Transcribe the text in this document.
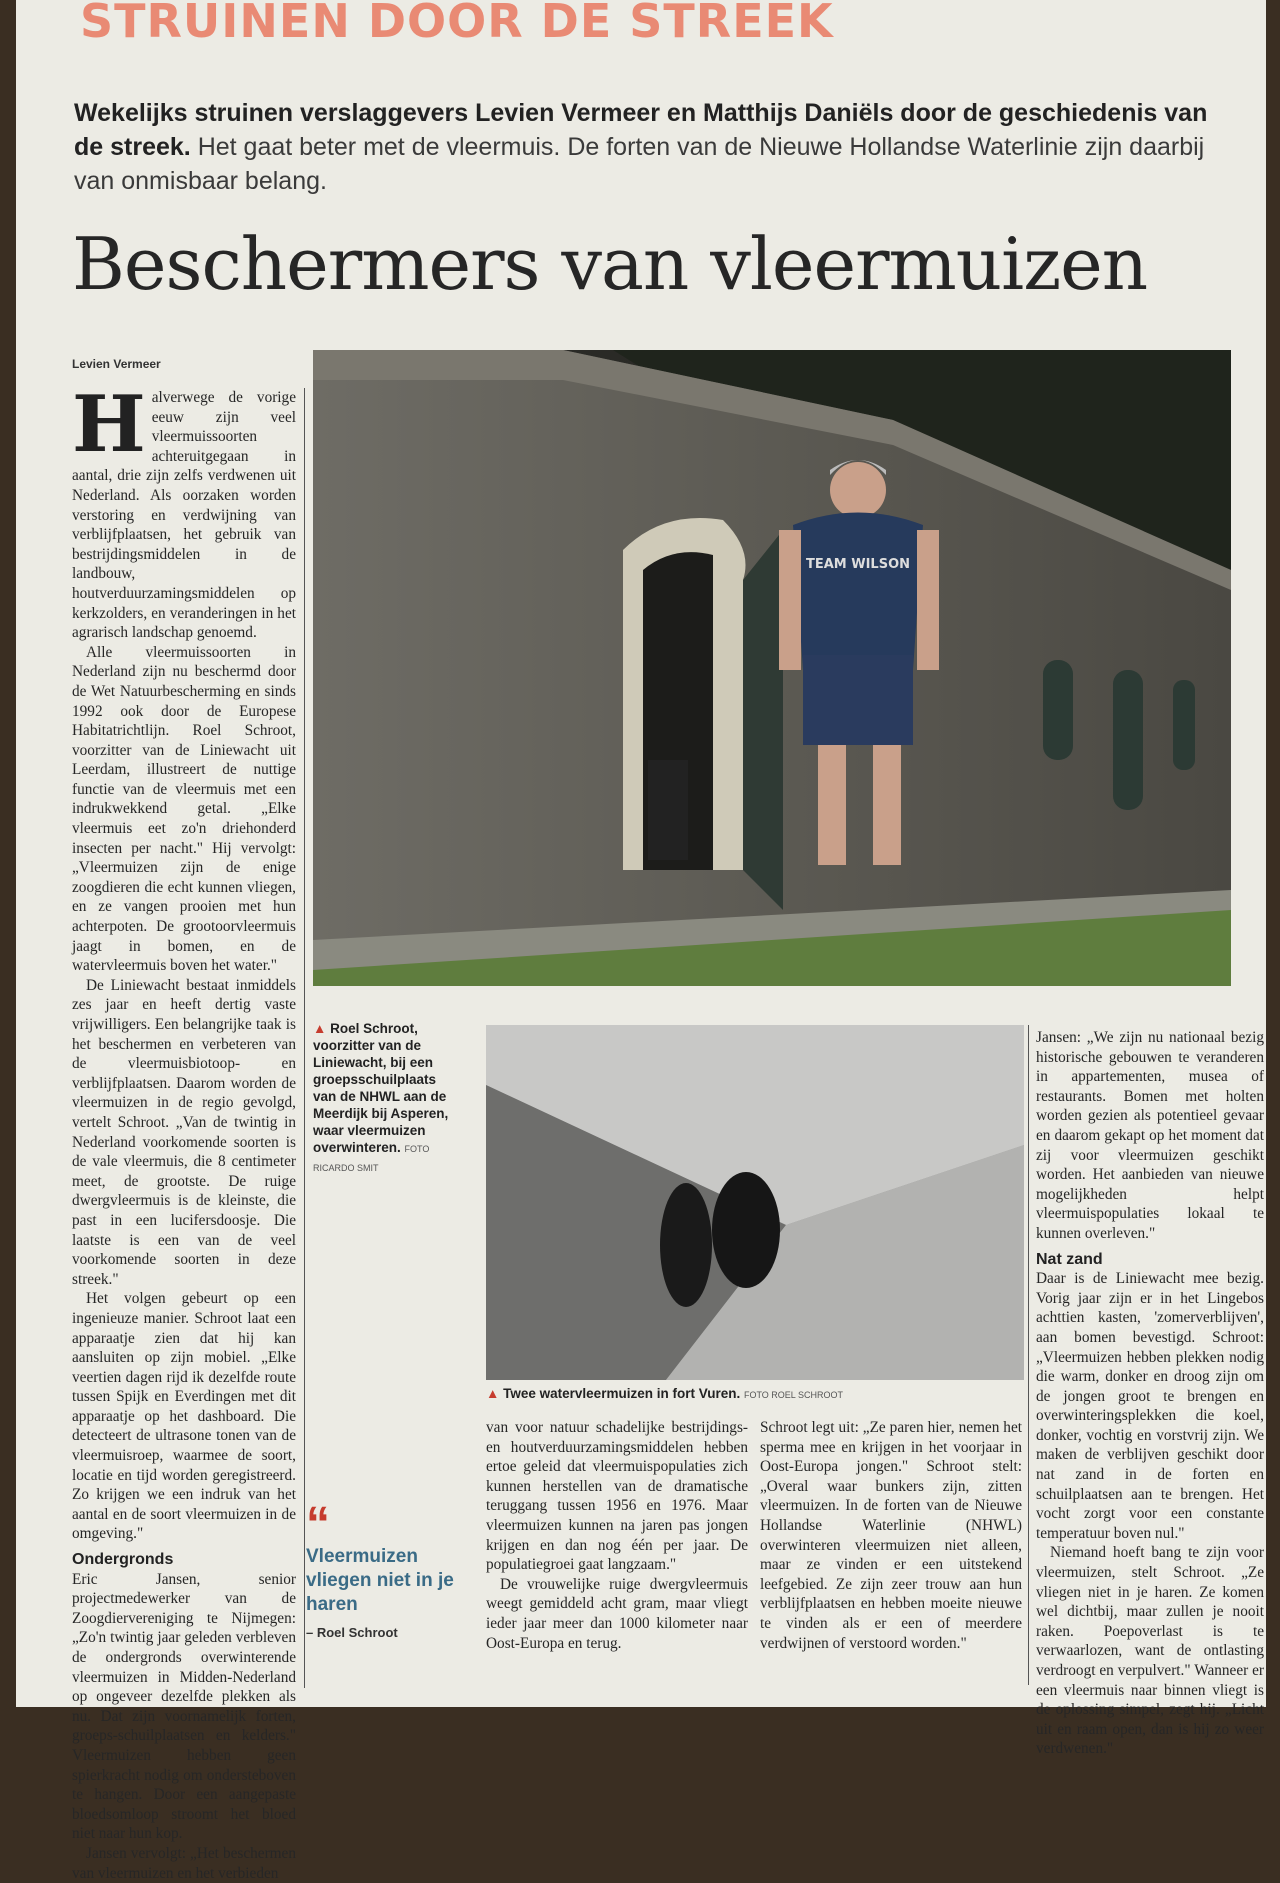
STRUINEN DOOR DE STREEK
Wekelijks struinen verslaggevers Levien Vermeer en Matthijs Daniëls door de geschiedenis van de streek. Het gaat beter met de vleermuis. De forten van de Nieuwe Hollandse Waterlinie zijn daarbij van onmisbaar belang.
Beschermers van vleermuizen
Levien Vermeer

Halverwege de vorige eeuw zijn veel vleermuissoorten achteruitgegaan in aantal, drie zijn zelfs verdwenen uit Nederland. Als oorzaken worden verstoring en verdwijning van verblijfplaatsen, het gebruik van bestrijdingsmiddelen in de landbouw, houtverduurzamingsmiddelen op kerkzolders, en veranderingen in het agrarisch landschap genoemd.

Alle vleermuissoorten in Nederland zijn nu beschermd door de Wet Natuurbescherming en sinds 1992 ook door de Europese Habitatrichtlijn. Roel Schroot, voorzitter van de Liniewacht uit Leerdam, illustreert de nuttige functie van de vleermuis met een indrukwekkend getal. „Elke vleermuis eet zo'n driehonderd insecten per nacht." Hij vervolgt: „Vleermuizen zijn de enige zoogdieren die echt kunnen vliegen, en ze vangen prooien met hun achterpoten. De grootoorvleermuis jaagt in bomen, en de watervleermuis boven het water."

De Liniewacht bestaat inmiddels zes jaar en heeft dertig vaste vrijwilligers. Een belangrijke taak is het beschermen en verbeteren van de vleermuisbiotoop- en verblijfplaatsen. Daarom worden de vleermuizen in de regio gevolgd, vertelt Schroot. „Van de twintig in Nederland voorkomende soorten is de vale vleermuis, die 8 centimeter meet, de grootste. De ruige dwergvleermuis is de kleinste, die past in een lucifersdoosje. Die laatste is een van de veel voorkomende soorten in deze streek."

Het volgen gebeurt op een ingenieuze manier. Schroot laat een apparaatje zien dat hij kan aansluiten op zijn mobiel. „Elke veertien dagen rijd ik dezelfde route tussen Spijk en Everdingen met dit apparaatje op het dashboard. Die detecteert de ultrasone tonen van de vleermuisroep, waarmee de soort, locatie en tijd worden geregistreerd. Zo krijgen we een indruk van het aantal en de soort vleermuizen in de omgeving."

Ondergronds

Eric Jansen, senior projectmedewerker van de Zoogdiervereniging te Nijmegen: „Zo'n twintig jaar geleden verbleven de ondergronds overwinterende vleermuizen in Midden-Nederland op ongeveer dezelfde plekken als nu. Dat zijn voornamelijk forten, groeps-schuilplaatsen en kelders." Vleermuizen hebben geen spierkracht nodig om ondersteboven te hangen. Door een aangepaste bloedsomloop stroomt het bloed niet naar hun kop.

Jansen vervolgt: „Het beschermen van vleermuizen en het verbieden

TEAM WILSON
▲ Roel Schroot, voorzitter van de Liniewacht, bij een groepsschuilplaats van de NHWL aan de Meerdijk bij Asperen, waar vleermuizen overwinteren. FOTO RICARDO SMIT
▲ Twee watervleermuizen in fort Vuren. FOTO ROEL SCHROOT
“
Vleermuizen vliegen niet in je haren
– Roel Schroot

van voor natuur schadelijke bestrijdings- en houtverduurzamingsmiddelen hebben ertoe geleid dat vleermuispopulaties zich kunnen herstellen van de dramatische teruggang tussen 1956 en 1976. Maar vleermuizen kunnen na jaren pas jongen krijgen en dan nog één per jaar. De populatiegroei gaat langzaam."

De vrouwelijke ruige dwergvleermuis weegt gemiddeld acht gram, maar vliegt ieder jaar meer dan 1000 kilometer naar Oost-Europa en terug.

Schroot legt uit: „Ze paren hier, nemen het sperma mee en krijgen in het voorjaar in Oost-Europa jongen." Schroot stelt: „Overal waar bunkers zijn, zitten vleermuizen. In de forten van de Nieuwe Hollandse Waterlinie (NHWL) overwinteren vleermuizen niet alleen, maar ze vinden er een uitstekend leefgebied. Ze zijn zeer trouw aan hun verblijfplaatsen en hebben moeite nieuwe te vinden als er een of meerdere verdwijnen of verstoord worden."

Jansen: „We zijn nu nationaal bezig historische gebouwen te veranderen in appartementen, musea of restaurants. Bomen met holten worden gezien als potentieel gevaar en daarom gekapt op het moment dat zij voor vleermuizen geschikt worden. Het aanbieden van nieuwe mogelijkheden helpt vleermuispopulaties lokaal te kunnen overleven."

Nat zand

Daar is de Liniewacht mee bezig. Vorig jaar zijn er in het Lingebos achttien kasten, 'zomerverblijven', aan bomen bevestigd. Schroot: „Vleermuizen hebben plekken nodig die warm, donker en droog zijn om de jongen groot te brengen en overwinteringsplekken die koel, donker, vochtig en vorstvrij zijn. We maken de verblijven geschikt door nat zand in de forten en schuilplaatsen aan te brengen. Het vocht zorgt voor een constante temperatuur boven nul."

Niemand hoeft bang te zijn voor vleermuizen, stelt Schroot. „Ze vliegen niet in je haren. Ze komen wel dichtbij, maar zullen je nooit raken. Poepoverlast is te verwaarlozen, want de ontlasting verdroogt en verpulvert." Wanneer er een vleermuis naar binnen vliegt is de oplossing simpel, zegt hij. „Licht uit en raam open, dan is hij zo weer verdwenen."
